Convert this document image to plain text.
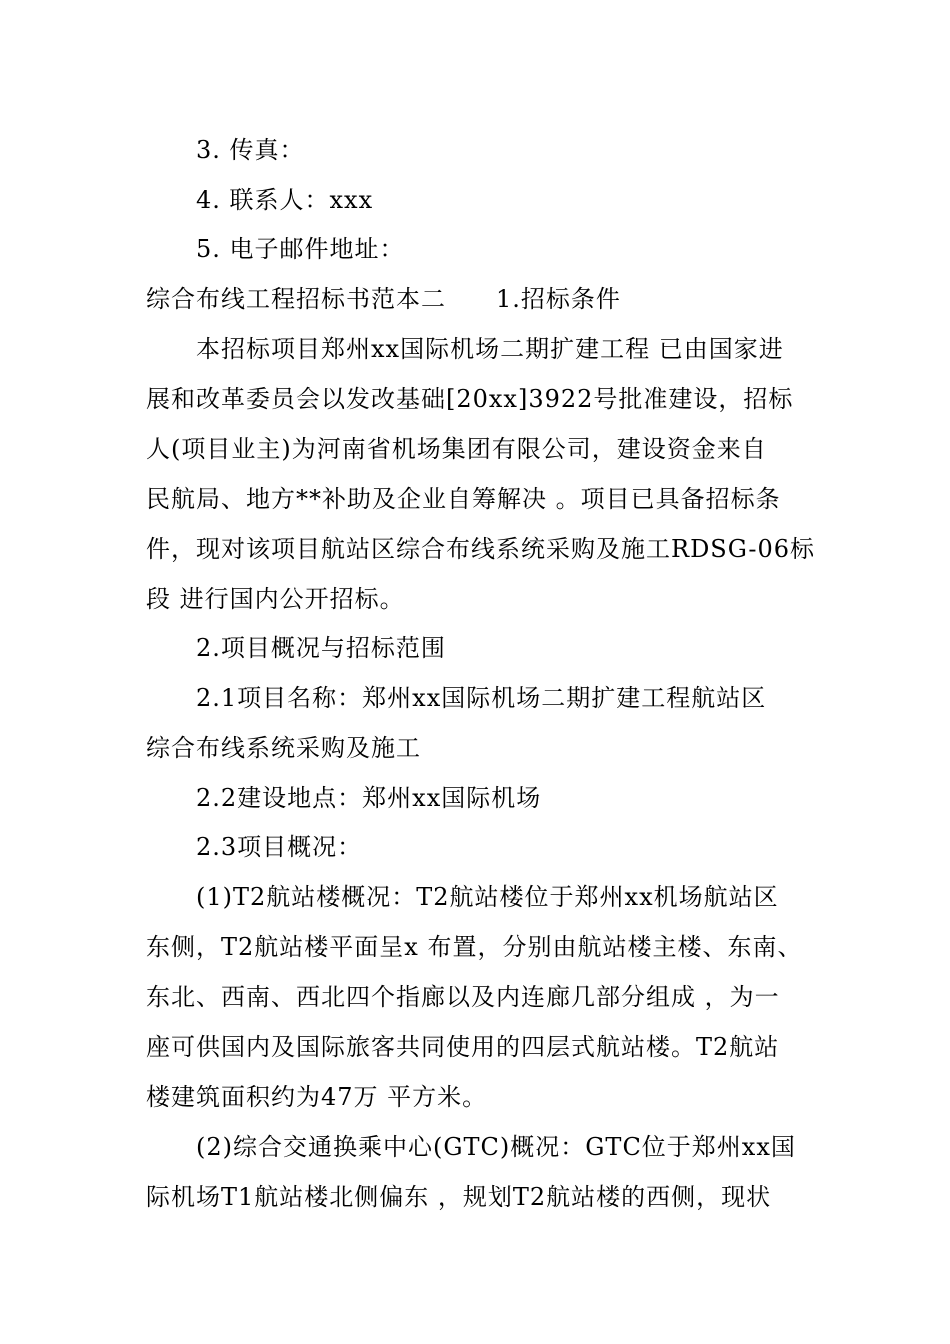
3. 传真：
4. 联系人：xxx
5. 电子邮件地址：
综合布线工程招标书范本二　　1.招标条件
本招标项目郑州xx国际机场二期扩建工程 已由国家进
展和改革委员会以发改基础[20xx]3922号批准建设，招标
人(项目业主)为河南省机场集团有限公司，建设资金来自
民航局、地方**补助及企业自筹解决 。项目已具备招标条
件，现对该项目航站区综合布线系统采购及施工RDSG-06标
段 进行国内公开招标。
2.项目概况与招标范围
2.1项目名称：郑州xx国际机场二期扩建工程航站区
综合布线系统采购及施工
2.2建设地点：郑州xx国际机场
2.3项目概况：
(1)T2航站楼概况：T2航站楼位于郑州xx机场航站区
东侧，T2航站楼平面呈x 布置，分别由航站楼主楼、东南、
东北、西南、西北四个指廊以及内连廊几部分组成 ，为一
座可供国内及国际旅客共同使用的四层式航站楼。T2航站
楼建筑面积约为47万 平方米。
(2)综合交通换乘中心(GTC)概况：GTC位于郑州xx国
际机场T1航站楼北侧偏东 ，规划T2航站楼的西侧，现状
